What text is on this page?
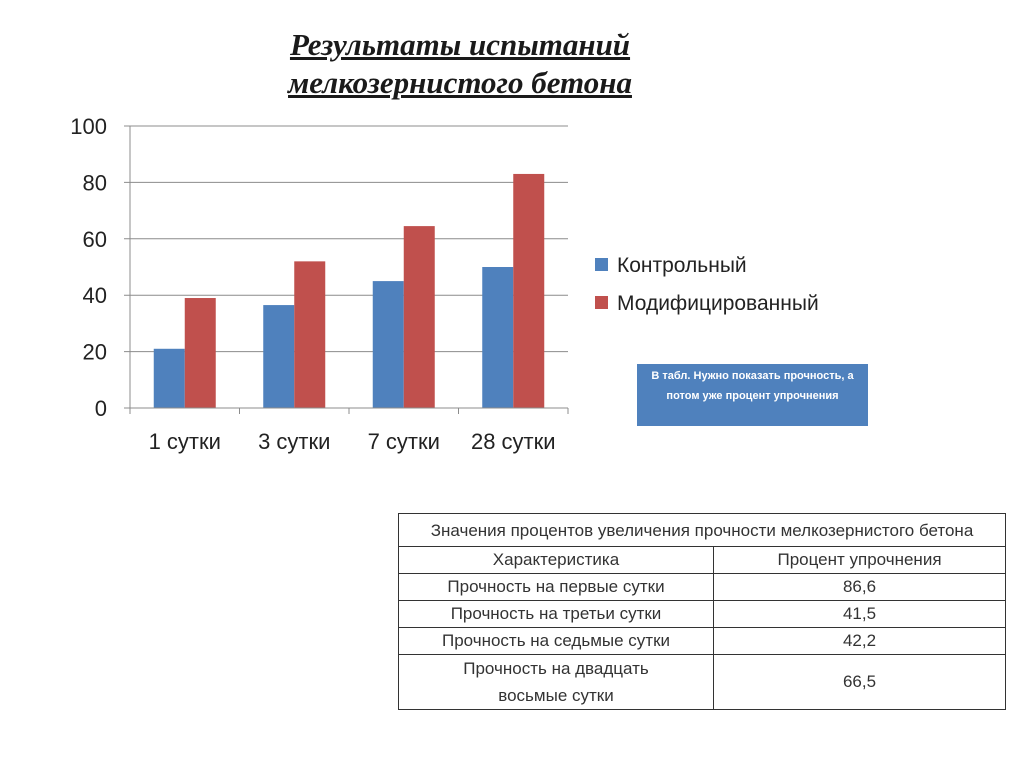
Результаты испытаний
мелкозернистого бетона
0
20
40
60
80
100
1 сутки 3 сутки 7 сутки 28 сутки
Контрольный
Модифицированный
В табл. Нужно показать прочность, а потом уже процент упрочнения
Значения процентов увеличения прочности мелкозернистого бетона	
Характеристика	Процент упрочнения
Прочность на первые сутки	86,6
Прочность на третьи сутки	41,5
Прочность на седьмые сутки	42,2
Прочность на двадцать восьмые сутки	66,5
